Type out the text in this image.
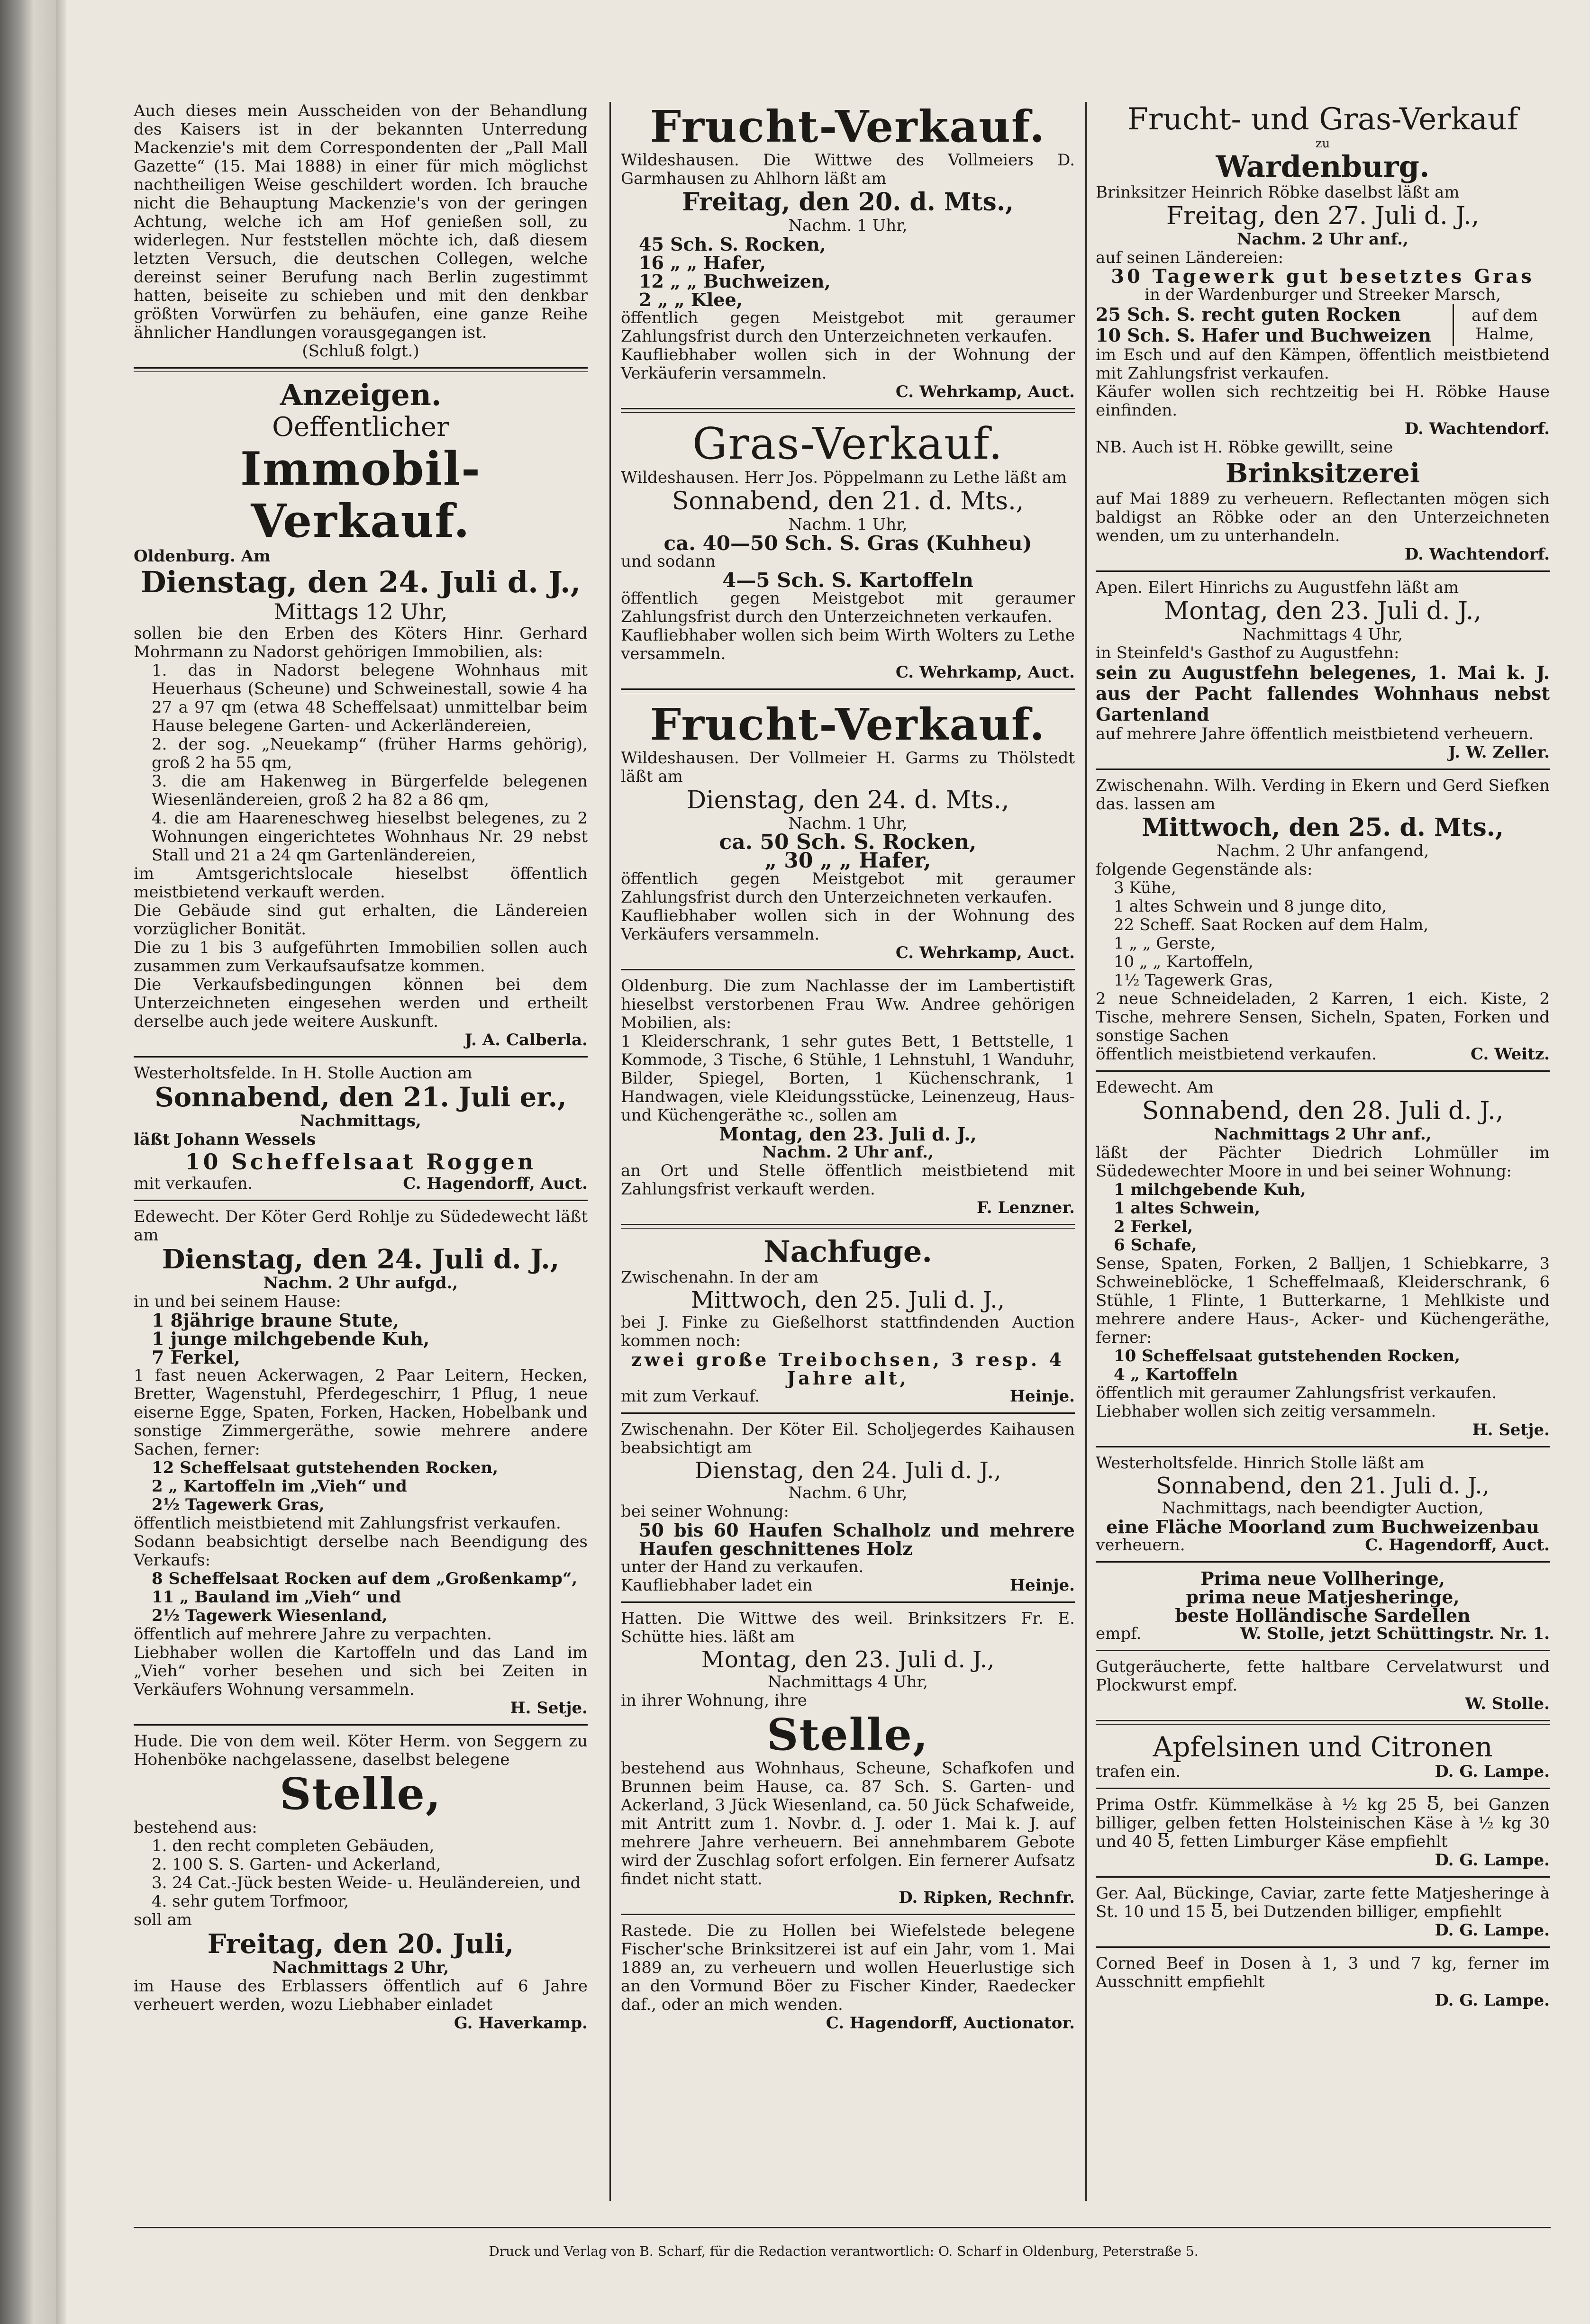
Auch dieses mein Ausscheiden von der Behandlung des Kaisers ist in der bekannten Unterredung Mackenzie's mit dem Correspondenten der „Pall Mall Gazette“ (15. Mai 1888) in einer für mich möglichst nachtheiligen Weise geschildert worden. Ich brauche nicht die Behauptung Mackenzie's von der geringen Achtung, welche ich am Hof genießen soll, zu widerlegen. Nur feststellen möchte ich, daß diesem letzten Versuch, die deutschen Collegen, welche dereinst seiner Berufung nach Berlin zugestimmt hatten, beiseite zu schieben und mit den denkbar größten Vorwürfen zu behäufen, eine ganze Reihe ähnlicher Handlungen vorausgegangen ist.

(Schluß folgt.)

Anzeigen.
Oeffentlicher
Immobil-Verkauf.

Oldenburg. Am

Dienstag, den 24. Juli d. J.,
Mittags 12 Uhr,

sollen bie den Erben des Köters Hinr. Gerhard Mohrmann zu Nadorst gehörigen Immobilien, als:

1. das in Nadorst belegene Wohnhaus mit Heuerhaus (Scheune) und Schweinestall, sowie 4 ha 27 a 97 qm (etwa 48 Scheffelsaat) unmittelbar beim Hause belegene Garten- und Ackerländereien,

2. der sog. „Neuekamp“ (früher Harms gehörig), groß 2 ha 55 qm,

3. die am Hakenweg in Bürgerfelde belegenen Wiesenländereien, groß 2 ha 82 a 86 qm,

4. die am Haareneschweg hieselbst belegenes, zu 2 Wohnungen eingerichtetes Wohnhaus Nr. 29 nebst Stall und 21 a 24 qm Gartenländereien,

im Amtsgerichtslocale hieselbst öffentlich meistbietend verkauft werden.

Die Gebäude sind gut erhalten, die Ländereien vorzüglicher Bonität.

Die zu 1 bis 3 aufgeführten Immobilien sollen auch zusammen zum Verkaufsaufsatze kommen.

Die Verkaufsbedingungen können bei dem Unterzeichneten eingesehen werden und ertheilt derselbe auch jede weitere Auskunft.

J. A. Calberla.

Westerholtsfelde. In H. Stolle Auction am

Sonnabend, den 21. Juli er.,

Nachmittags,

läßt Johann Wessels

10 Scheffelsaat Roggen
mit verkaufen.	C. Hagendorff, Auct.

Edewecht. Der Köter Gerd Rohlje zu Südedewecht läßt am

Dienstag, den 24. Juli d. J.,

Nachm. 2 Uhr aufgd.,

in und bei seinem Hause:

1 8jährige braune Stute,

1 junge milchgebende Kuh,

7 Ferkel,

1 fast neuen Ackerwagen, 2 Paar Leitern, Hecken, Bretter, Wagenstuhl, Pferdegeschirr, 1 Pflug, 1 neue eiserne Egge, Spaten, Forken, Hacken, Hobelbank und sonstige Zimmergeräthe, sowie mehrere andere Sachen, ferner:

12 Scheffelsaat gutstehenden Rocken,

2 „ Kartoffeln im „Vieh“ und

2½ Tagewerk Gras,

öffentlich meistbietend mit Zahlungsfrist verkaufen.

Sodann beabsichtigt derselbe nach Beendigung des Verkaufs:

8 Scheffelsaat Rocken auf dem „Großenkamp“,

11 „ Bauland im „Vieh“ und

2½ Tagewerk Wiesenland,

öffentlich auf mehrere Jahre zu verpachten.

Liebhaber wollen die Kartoffeln und das Land im „Vieh“ vorher besehen und sich bei Zeiten in Verkäufers Wohnung versammeln.

H. Setje.

Hude. Die von dem weil. Köter Herm. von Seggern zu Hohenböke nachgelassene, daselbst belegene

Stelle,

bestehend aus:

1. den recht completen Gebäuden,

2. 100 S. S. Garten- und Ackerland,

3. 24 Cat.-Jück besten Weide- u. Heuländereien, und

4. sehr gutem Torfmoor,

soll am

Freitag, den 20. Juli,

Nachmittags 2 Uhr,

im Hause des Erblassers öffentlich auf 6 Jahre verheuert werden, wozu Liebhaber einladet

G. Haverkamp.

Frucht-Verkauf.

Wildeshausen. Die Wittwe des Vollmeiers D. Garmhausen zu Ahlhorn läßt am

Freitag, den 20. d. Mts.,

Nachm. 1 Uhr,

45 Sch. S. Rocken,

16 „ „ Hafer,

12 „ „ Buchweizen,

2 „ „ Klee,

öffentlich gegen Meistgebot mit geraumer Zahlungsfrist durch den Unterzeichneten verkaufen.

Kaufliebhaber wollen sich in der Wohnung der Verkäuferin versammeln.

C. Wehrkamp, Auct.

Gras-Verkauf.

Wildeshausen. Herr Jos. Pöppelmann zu Lethe läßt am

Sonnabend, den 21. d. Mts.,

Nachm. 1 Uhr,

ca. 40—50 Sch. S. Gras (Kuhheu)

und sodann

4—5 Sch. S. Kartoffeln

öffentlich gegen Meistgebot mit geraumer Zahlungsfrist durch den Unterzeichneten verkaufen.

Kaufliebhaber wollen sich beim Wirth Wolters zu Lethe versammeln.

C. Wehrkamp, Auct.

Frucht-Verkauf.

Wildeshausen. Der Vollmeier H. Garms zu Thölstedt läßt am

Dienstag, den 24. d. Mts.,

Nachm. 1 Uhr,

ca. 50 Sch. S. Rocken,

„ 30 „ „ Hafer,

öffentlich gegen Meistgebot mit geraumer Zahlungsfrist durch den Unterzeichneten verkaufen.

Kaufliebhaber wollen sich in der Wohnung des Verkäufers versammeln.

C. Wehrkamp, Auct.

Oldenburg. Die zum Nachlasse der im Lambertistift hieselbst verstorbenen Frau Ww. Andree gehörigen Mobilien, als:

1 Kleiderschrank, 1 sehr gutes Bett, 1 Bettstelle, 1 Kommode, 3 Tische, 6 Stühle, 1 Lehnstuhl, 1 Wanduhr, Bilder, Spiegel, Borten, 1 Küchenschrank, 1 Handwagen, viele Kleidungsstücke, Leinenzeug, Haus- und Küchengeräthe ꝛc., sollen am

Montag, den 23. Juli d. J.,

Nachm. 2 Uhr anf.,

an Ort und Stelle öffentlich meistbietend mit Zahlungsfrist verkauft werden.

F. Lenzner.

Nachfuge.

Zwischenahn. In der am

Mittwoch, den 25. Juli d. J.,

bei J. Finke zu Gießelhorst stattfindenden Auction kommen noch:

zwei große Treibochsen, 3 resp. 4 Jahre alt,

mit zum Verkauf.	Heinje.

Zwischenahn. Der Köter Eil. Scholjegerdes Kaihausen beabsichtigt am

Dienstag, den 24. Juli d. J.,

Nachm. 6 Uhr,

bei seiner Wohnung:

50 bis 60 Haufen Schalholz und mehrere Haufen geschnittenes Holz

unter der Hand zu verkaufen.

Kaufliebhaber ladet ein	Heinje.

Hatten. Die Wittwe des weil. Brinksitzers Fr. E. Schütte hies. läßt am

Montag, den 23. Juli d. J.,

Nachmittags 4 Uhr,

in ihrer Wohnung, ihre

Stelle,

bestehend aus Wohnhaus, Scheune, Schafkofen und Brunnen beim Hause, ca. 87 Sch. S. Garten- und Ackerland, 3 Jück Wiesenland, ca. 50 Jück Schafweide, mit Antritt zum 1. Novbr. d. J. oder 1. Mai k. J. auf mehrere Jahre verheuern. Bei annehmbarem Gebote wird der Zuschlag sofort erfolgen. Ein fernerer Aufsatz findet nicht statt.

D. Ripken, Rechnfr.

Rastede. Die zu Hollen bei Wiefelstede belegene Fischer'sche Brinksitzerei ist auf ein Jahr, vom 1. Mai 1889 an, zu verheuern und wollen Heuerlustige sich an den Vormund Böer zu Fischer Kinder, Raedecker daf., oder an mich wenden.

C. Hagendorff, Auctionator.

Frucht- und Gras-Verkauf

zu

Wardenburg.

Brinksitzer Heinrich Röbke daselbst läßt am

Freitag, den 27. Juli d. J.,

Nachm. 2 Uhr anf.,

auf seinen Ländereien:

30 Tagewerk gut besetztes Gras

in der Wardenburger und Streeker Marsch,

25 Sch. S. recht guten Rocken

10 Sch. S. Hafer und Buchweizen

auf dem Halme,

im Esch und auf den Kämpen, öffentlich meistbietend mit Zahlungsfrist verkaufen.

Käufer wollen sich rechtzeitig bei H. Röbke Hause einfinden.

D. Wachtendorf.

NB. Auch ist H. Röbke gewillt, seine

Brinksitzerei

auf Mai 1889 zu verheuern. Reflectanten mögen sich baldigst an Röbke oder an den Unterzeichneten wenden, um zu unterhandeln.

D. Wachtendorf.

Apen. Eilert Hinrichs zu Augustfehn läßt am

Montag, den 23. Juli d. J.,

Nachmittags 4 Uhr,

in Steinfeld's Gasthof zu Augustfehn:

sein zu Augustfehn belegenes, 1. Mai k. J. aus der Pacht fallendes Wohnhaus nebst Gartenland

auf mehrere Jahre öffentlich meistbietend verheuern.

J. W. Zeller.

Zwischenahn. Wilh. Verding in Ekern und Gerd Siefken das. lassen am

Mittwoch, den 25. d. Mts.,

Nachm. 2 Uhr anfangend,

folgende Gegenstände als:

3 Kühe,

1 altes Schwein und 8 junge dito,

22 Scheff. Saat Rocken auf dem Halm,

1 „ „ Gerste,

10 „ „ Kartoffeln,

1½ Tagewerk Gras,

2 neue Schneideladen, 2 Karren, 1 eich. Kiste, 2 Tische, mehrere Sensen, Sicheln, Spaten, Forken und sonstige Sachen

öffentlich meistbietend verkaufen.	C. Weitz.

Edewecht. Am

Sonnabend, den 28. Juli d. J.,

Nachmittags 2 Uhr anf.,

läßt der Pächter Diedrich Lohmüller im Südedewechter Moore in und bei seiner Wohnung:

1 milchgebende Kuh,

1 altes Schwein,

2 Ferkel,

6 Schafe,

Sense, Spaten, Forken, 2 Balljen, 1 Schiebkarre, 3 Schweineblöcke, 1 Scheffelmaaß, Kleiderschrank, 6 Stühle, 1 Flinte, 1 Butterkarne, 1 Mehlkiste und mehrere andere Haus-, Acker- und Küchengeräthe, ferner:

10 Scheffelsaat gutstehenden Rocken,

4 „ Kartoffeln

öffentlich mit geraumer Zahlungsfrist verkaufen.

Liebhaber wollen sich zeitig versammeln.

H. Setje.

Westerholtsfelde. Hinrich Stolle läßt am

Sonnabend, den 21. Juli d. J.,

Nachmittags, nach beendigter Auction,

eine Fläche Moorland zum Buchweizenbau

verheuern.	C. Hagendorff, Auct.

Prima neue Vollheringe,

prima neue Matjesheringe,

beste Holländische Sardellen

empf.	W. Stolle, jetzt Schüttingstr. Nr. 1.

Gutgeräucherte, fette haltbare Cervelatwurst und Plockwurst empf.

W. Stolle.

Apfelsinen und Citronen
trafen ein.	D. G. Lampe.

Prima Ostfr. Kümmelkäse à ½ kg 25 Ⴝ, bei Ganzen billiger, gelben fetten Holsteinischen Käse à ½ kg 30 und 40 Ⴝ, fetten Limburger Käse empfiehlt

D. G. Lampe.

Ger. Aal, Bückinge, Caviar, zarte fette Matjesheringe à St. 10 und 15 Ⴝ, bei Dutzenden billiger, empfiehlt

D. G. Lampe.

Corned Beef in Dosen à 1, 3 und 7 kg, ferner im Ausschnitt empfiehlt

D. G. Lampe.

Druck und Verlag von B. Scharf, für die Redaction verantwortlich: O. Scharf in Oldenburg, Peterstraße 5.
